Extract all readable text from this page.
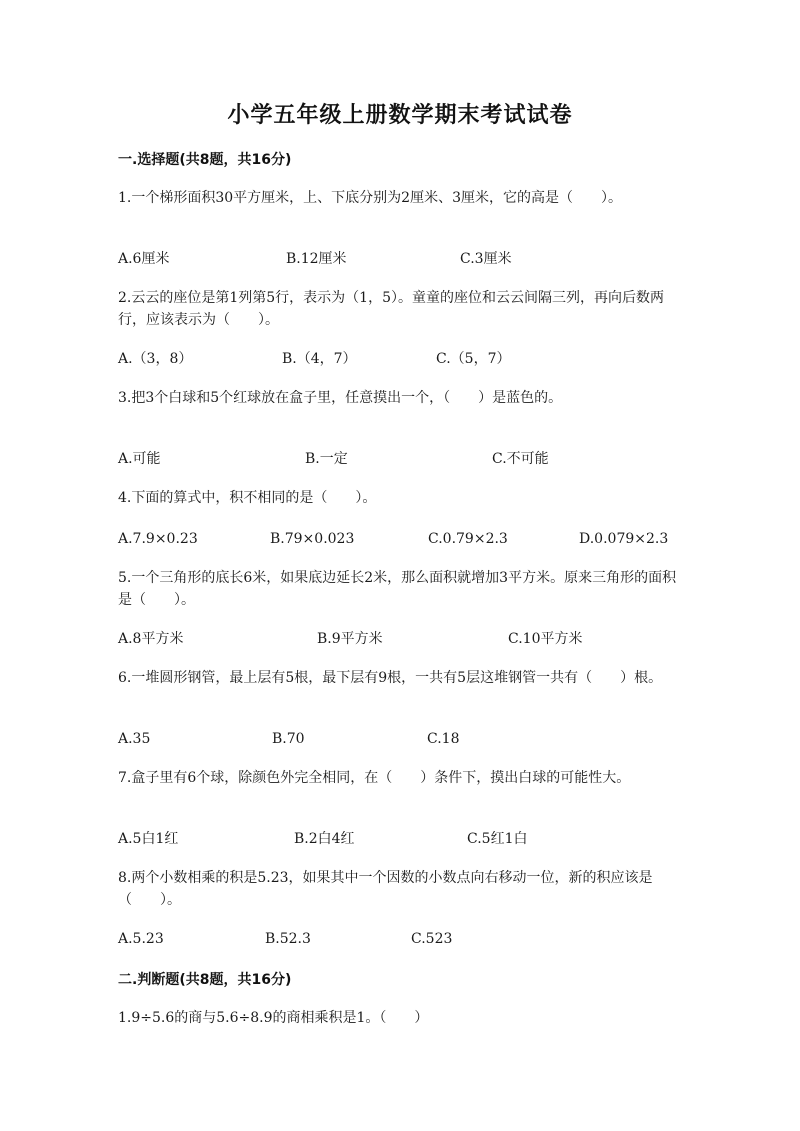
小学五年级上册数学期末考试试卷
一.选择题(共8题，共16分)
1.一个梯形面积30平方厘米，上、下底分别为2厘米、3厘米，它的高是（　　）。
A.6厘米	B.12厘米	C.3厘米
2.云云的座位是第1列第5行，表示为（1，5）。童童的座位和云云间隔三列，再向后数两行，应该表示为（　　）。
A.（3，8）	B.（4，7）	C.（5，7）
3.把3个白球和5个红球放在盒子里，任意摸出一个，（　　）是蓝色的。
A.可能	B.一定	C.不可能
4.下面的算式中，积不相同的是（　　）。
A.7.9×0.23	B.79×0.023	C.0.79×2.3	D.0.079×2.3
5.一个三角形的底长6米，如果底边延长2米，那么面积就增加3平方米。原来三角形的面积是（　　）。
A.8平方米	B.9平方米	C.10平方米
6.一堆圆形钢管，最上层有5根，最下层有9根，一共有5层这堆钢管一共有（　　）根。
A.35	B.70	C.18
7.盒子里有6个球，除颜色外完全相同，在（　　）条件下，摸出白球的可能性大。
A.5白1红	B.2白4红	C.5红1白
8.两个小数相乘的积是5.23，如果其中一个因数的小数点向右移动一位，新的积应该是（　　）。
A.5.23	B.52.3	C.523
二.判断题(共8题，共16分)
1.9÷5.6的商与5.6÷8.9的商相乘积是1。（　　）
